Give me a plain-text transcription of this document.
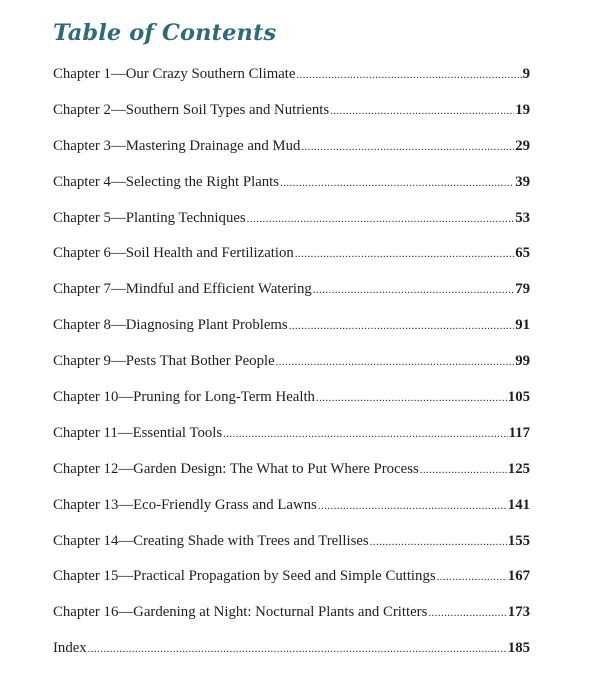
Table of Contents
Chapter 1—Our Crazy Southern Climate .....	9
Chapter 2—Southern Soil Types and Nutrients .....	19
Chapter 3—Mastering Drainage and Mud .....	29
Chapter 4—Selecting the Right Plants .....	39
Chapter 5—Planting Techniques .....	53
Chapter 6—Soil Health and Fertilization .....	65
Chapter 7—Mindful and Efficient Watering .....	79
Chapter 8—Diagnosing Plant Problems .....	91
Chapter 9—Pests That Bother People .....	99
Chapter 10—Pruning for Long-Term Health .....	105
Chapter 11—Essential Tools .....	117
Chapter 12—Garden Design: The What to Put Where Process .....	125
Chapter 13—Eco-Friendly Grass and Lawns .....	141
Chapter 14—Creating Shade with Trees and Trellises .....	155
Chapter 15—Practical Propagation by Seed and Simple Cuttings .....	167
Chapter 16—Gardening at Night: Nocturnal Plants and Critters .....	173
Index .....	185
